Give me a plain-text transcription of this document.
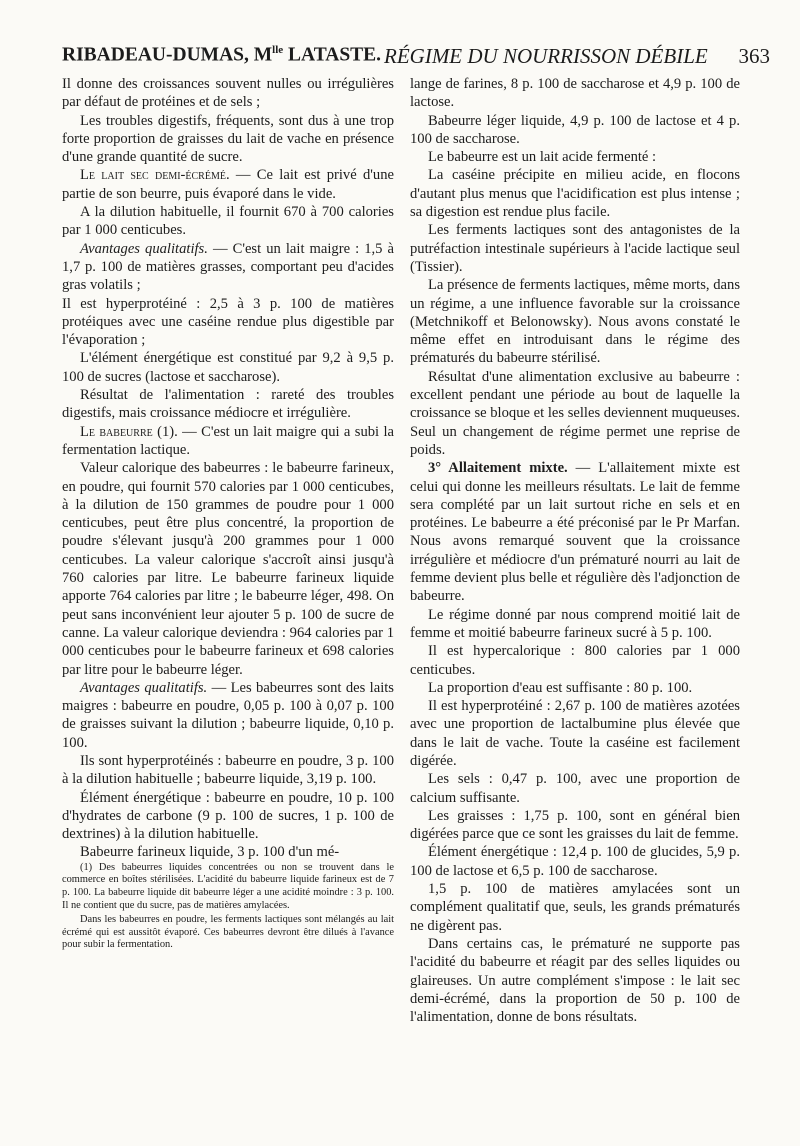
RIBADEAU-DUMAS, $M^{lle}$ LATASTE. RÉGIME DU NOURRISSON DÉBILE 363

Il donne des croissances souvent nulles ou irrégulières par défaut de protéines et de sels ;

Les troubles digestifs, fréquents, sont dus à une trop forte proportion de graisses du lait de vache en présence d'une grande quantité de sucre.

Le lait sec demi-écrémé. — Ce lait est privé d'une partie de son beurre, puis évaporé dans le vide.

A la dilution habituelle, il fournit 670 à 700 calories par 1 000 centicubes.

Avantages qualitatifs. — C'est un lait maigre : 1,5 à 1,7 p. 100 de matières grasses, comportant peu d'acides gras volatils ;

Il est hyperprotéiné : 2,5 à 3 p. 100 de matières protéiques avec une caséine rendue plus digestible par l'évaporation ;

L'élément énergétique est constitué par 9,2 à 9,5 p. 100 de sucres (lactose et saccharose).

Résultat de l'alimentation : rareté des troubles digestifs, mais croissance médiocre et irrégulière.

Le babeurre (1). — C'est un lait maigre qui a subi la fermentation lactique.

Valeur calorique des babeurres : le babeurre farineux, en poudre, qui fournit 570 calories par 1 000 centicubes, à la dilution de 150 grammes de poudre pour 1 000 centicubes, peut être plus concentré, la proportion de poudre s'élevant jusqu'à 200 grammes pour 1 000 centicubes. La valeur calorique s'accroît ainsi jusqu'à 760 calories par litre. Le babeurre farineux liquide apporte 764 calories par litre ; le babeurre léger, 498. On peut sans inconvénient leur ajouter 5 p. 100 de sucre de canne. La valeur calorique deviendra : 964 calories par 1 000 centicubes pour le babeurre farineux et 698 calories par litre pour le babeurre léger.

Avantages qualitatifs. — Les babeurres sont des laits maigres : babeurre en poudre, 0,05 p. 100 à 0,07 p. 100 de graisses suivant la dilution ; babeurre liquide, 0,10 p. 100.

Ils sont hyperprotéinés : babeurre en poudre, 3 p. 100 à la dilution habituelle ; babeurre liquide, 3,19 p. 100.

Élément énergétique : babeurre en poudre, 10 p. 100 d'hydrates de carbone (9 p. 100 de sucres, 1 p. 100 de dextrines) à la dilution habituelle.

Babeurre farineux liquide, 3 p. 100 d'un mé-

(1) Des babeurres liquides concentrées ou non se trouvent dans le commerce en boîtes stérilisées. L'acidité du babeurre liquide farineux est de 7 p. 100. La babeurre liquide dit babeurre léger a une acidité moindre : 3 p. 100. Il ne contient que du sucre, pas de matières amylacées.

Dans les babeurres en poudre, les ferments lactiques sont mélangés au lait écrémé qui est aussitôt évaporé. Ces babeurres devront être dilués à l'avance pour subir la fermentation.

lange de farines, 8 p. 100 de saccharose et 4,9 p. 100 de lactose.

Babeurre léger liquide, 4,9 p. 100 de lactose et 4 p. 100 de saccharose.

Le babeurre est un lait acide fermenté :

La caséine précipite en milieu acide, en flocons d'autant plus menus que l'acidification est plus intense ; sa digestion est rendue plus facile.

Les ferments lactiques sont des antagonistes de la putréfaction intestinale supérieurs à l'acide lactique seul (Tissier).

La présence de ferments lactiques, même morts, dans un régime, a une influence favorable sur la croissance (Metchnikoff et Belonowsky). Nous avons constaté le même effet en introduisant dans le régime des prématurés du babeurre stérilisé.

Résultat d'une alimentation exclusive au babeurre : excellent pendant une période au bout de laquelle la croissance se bloque et les selles deviennent muqueuses. Seul un changement de régime permet une reprise de poids.

3° Allaitement mixte. — L'allaitement mixte est celui qui donne les meilleurs résultats. Le lait de femme sera complété par un lait surtout riche en sels et en protéines. Le babeurre a été préconisé par le Pr Marfan. Nous avons remarqué souvent que la croissance irrégulière et médiocre d'un prématuré nourri au lait de femme devient plus belle et régulière dès l'adjonction de babeurre.

Le régime donné par nous comprend moitié lait de femme et moitié babeurre farineux sucré à 5 p. 100.

Il est hypercalorique : 800 calories par 1 000 centicubes.

La proportion d'eau est suffisante : 80 p. 100.

Il est hyperprotéiné : 2,67 p. 100 de matières azotées avec une proportion de lactalbumine plus élevée que dans le lait de vache. Toute la caséine est facilement digérée.

Les sels : 0,47 p. 100, avec une proportion de calcium suffisante.

Les graisses : 1,75 p. 100, sont en général bien digérées parce que ce sont les graisses du lait de femme.

Élément énergétique : 12,4 p. 100 de glucides, 5,9 p. 100 de lactose et 6,5 p. 100 de saccharose.

1,5 p. 100 de matières amylacées sont un complément qualitatif que, seuls, les grands prématurés ne digèrent pas.

Dans certains cas, le prématuré ne supporte pas l'acidité du babeurre et réagit par des selles liquides ou glaireuses. Un autre complément s'impose : le lait sec demi-écrémé, dans la proportion de 50 p. 100 de l'alimentation, donne de bons résultats.
